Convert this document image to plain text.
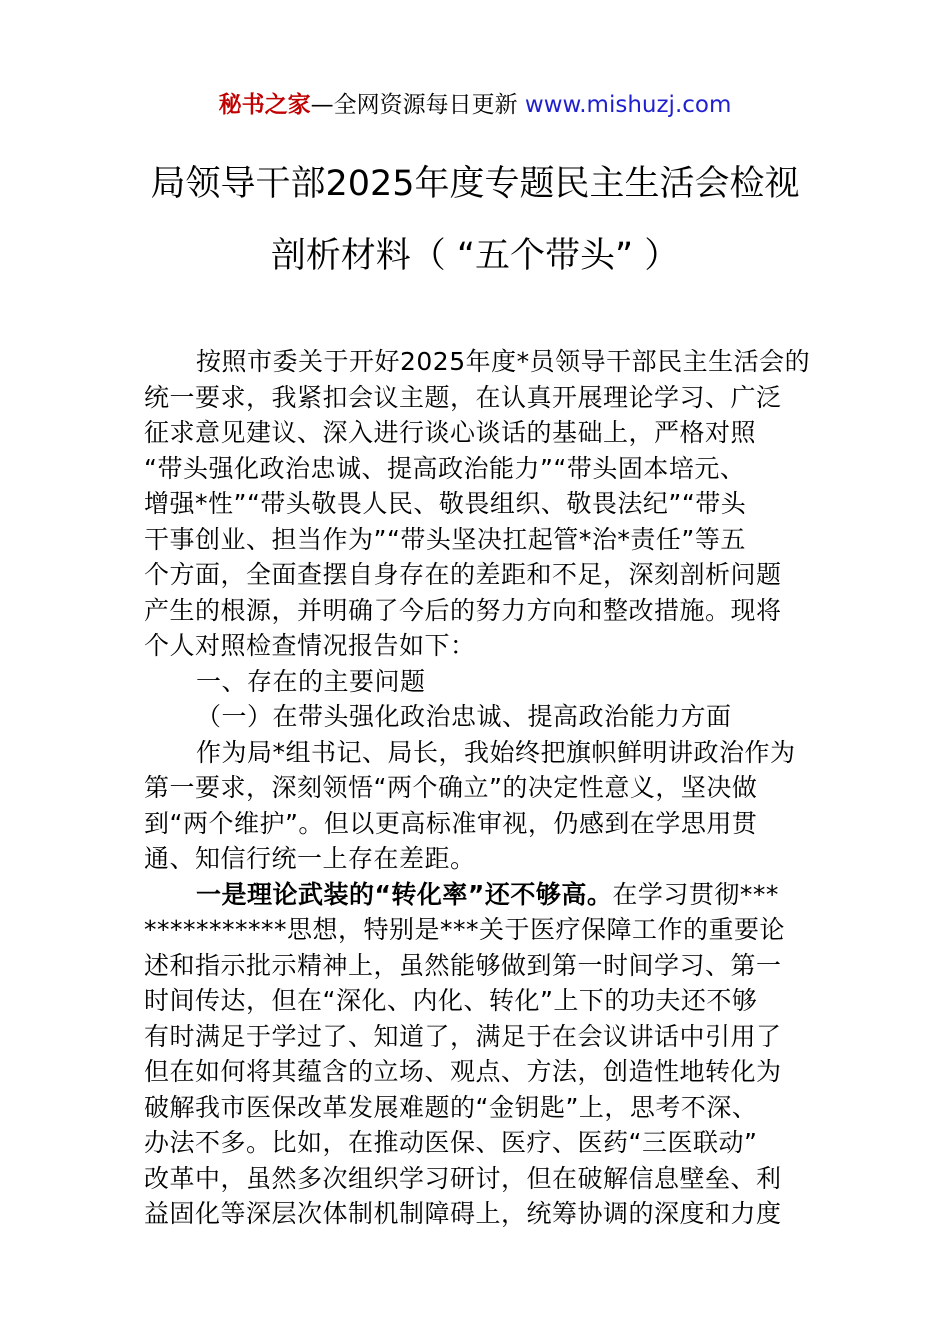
秘书之家—全网资源每日更新 www.mishuzj.com
局领导干部2025年度专题民主生活会检视
剖析材料（ “五个带头” ）
按照市委关于开好2025年度*员领导干部民主生活会的
统一要求，我紧扣会议主题，在认真开展理论学习、广泛
征求意见建议、深入进行谈心谈话的基础上，严格对照
“带头强化政治忠诚、提高政治能力”“带头固本培元、
增强*性”“带头敬畏人民、敬畏组织、敬畏法纪”“带头
干事创业、担当作为”“带头坚决扛起管*治*责任”等五
个方面，全面查摆自身存在的差距和不足，深刻剖析问题
产生的根源，并明确了今后的努力方向和整改措施。现将
个人对照检查情况报告如下：
一、存在的主要问题
（一）在带头强化政治忠诚、提高政治能力方面
作为局*组书记、局长，我始终把旗帜鲜明讲政治作为
第一要求，深刻领悟“两个确立”的决定性意义，坚决做
到“两个维护”。但以更高标准审视，仍感到在学思用贯
通、知信行统一上存在差距。
一是理论武装的“转化率”还不够高。在学习贯彻***
***********思想，特别是***关于医疗保障工作的重要论
述和指示批示精神上，虽然能够做到第一时间学习、第一
时间传达，但在“深化、内化、转化”上下的功夫还不够
有时满足于学过了、知道了，满足于在会议讲话中引用了
但在如何将其蕴含的立场、观点、方法，创造性地转化为
破解我市医保改革发展难题的“金钥匙”上，思考不深、
办法不多。比如，在推动医保、医疗、医药“三医联动”
改革中，虽然多次组织学习研讨，但在破解信息壁垒、利
益固化等深层次体制机制障碍上，统筹协调的深度和力度
